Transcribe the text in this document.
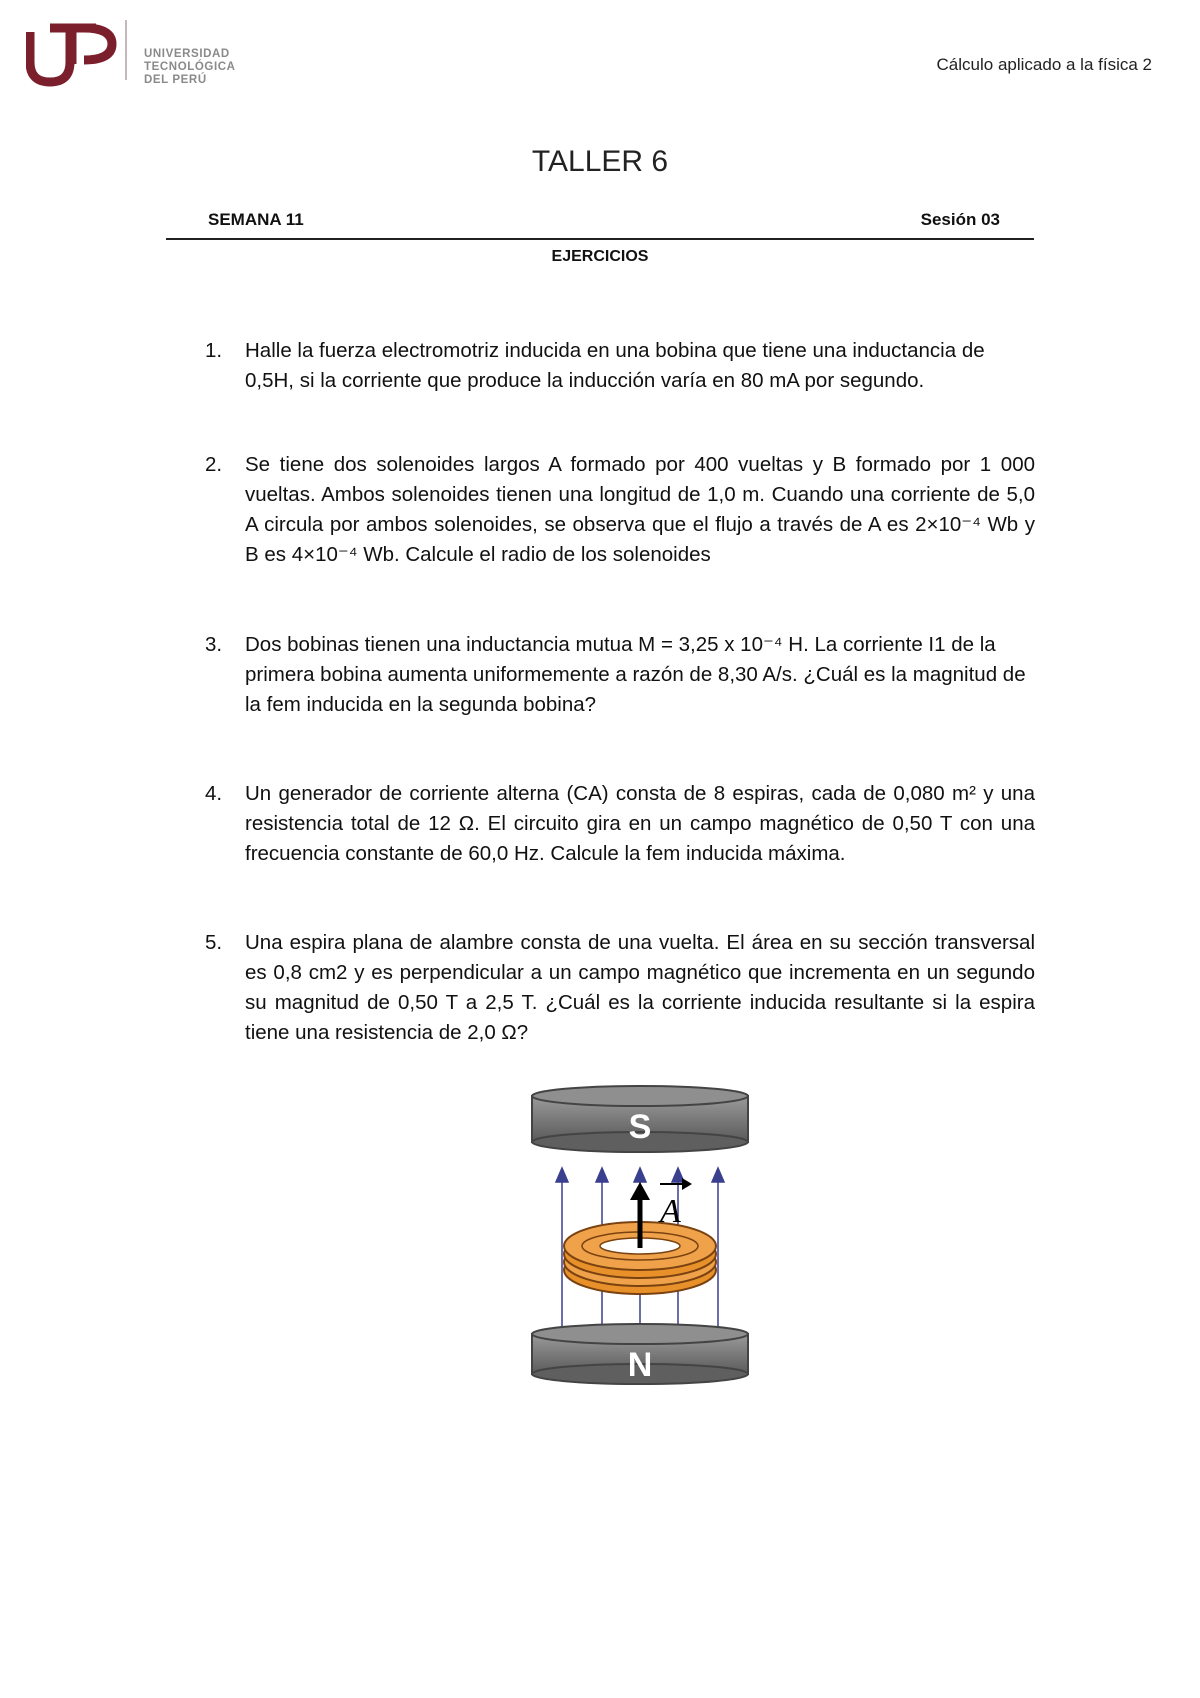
UNIVERSIDAD
TECNOLÓGICA
DEL PERÚ
Cálculo aplicado a la física 2
TALLER 6
SEMANA 11	Sesión 03
EJERCICIOS
1.	Halle la fuerza electromotriz inducida en una bobina que tiene una inductancia de 0,5H, si la corriente que produce la inducción varía en 80 mA por segundo.
2.	Se tiene dos solenoides largos A formado por 400 vueltas y B formado por 1 000 vueltas. Ambos solenoides tienen una longitud de 1,0 m. Cuando una corriente de 5,0 A circula por ambos solenoides, se observa que el flujo a través de A es 2×10⁻⁴ Wb y B es 4×10⁻⁴ Wb. Calcule el radio de los solenoides
3.	Dos bobinas tienen una inductancia mutua M = 3,25 x 10⁻⁴ H. La corriente I1 de la primera bobina aumenta uniformemente a razón de 8,30 A/s. ¿Cuál es la magnitud de la fem inducida en la segunda bobina?
4.	Un generador de corriente alterna (CA) consta de 8 espiras, cada de 0,080 m² y una resistencia total de 12 Ω. El circuito gira en un campo magnético de 0,50 T con una frecuencia constante de 60,0 Hz. Calcule la fem inducida máxima.
5.	Una espira plana de alambre consta de una vuelta. El área en su sección transversal es 0,8 cm2 y es perpendicular a un campo magnético que incrementa en un segundo su magnitud de 0,50 T a 2,5 T. ¿Cuál es la corriente inducida resultante si la espira tiene una resistencia de 2,0 Ω?
S
A
N
